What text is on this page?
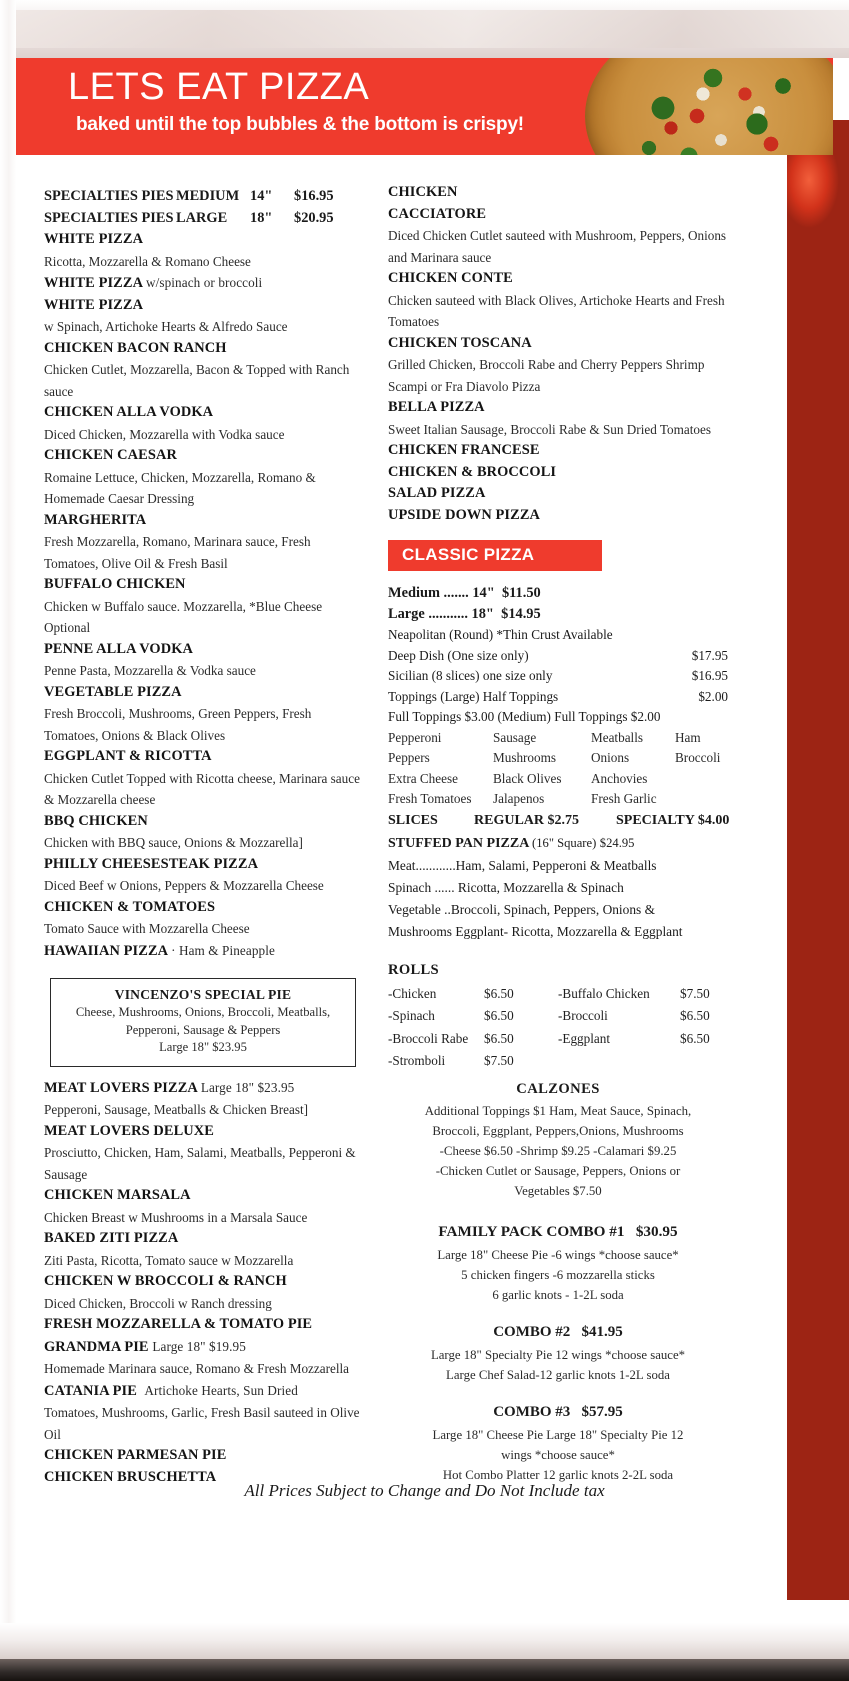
LETS EAT PIZZA
baked until the top bubbles & the bottom is crispy!
SPECIALTIES PIES MEDIUM 14"	$16.95
SPECIALTIES PIES LARGE	18"	$20.95
WHITE PIZZA
Ricotta, Mozzarella & Romano Cheese
WHITE PIZZA w/spinach or broccoli
WHITE PIZZA
w Spinach, Artichoke Hearts & Alfredo Sauce
CHICKEN BACON RANCH
Chicken Cutlet, Mozzarella, Bacon & Topped with Ranch sauce
CHICKEN ALLA VODKA
Diced Chicken, Mozzarella with Vodka sauce
CHICKEN CAESAR
Romaine Lettuce, Chicken, Mozzarella, Romano & Homemade Caesar Dressing
MARGHERITA
Fresh Mozzarella, Romano, Marinara sauce, Fresh Tomatoes, Olive Oil & Fresh Basil
BUFFALO CHICKEN
Chicken w Buffalo sauce. Mozzarella, *Blue Cheese Optional
PENNE ALLA VODKA
Penne Pasta, Mozzarella & Vodka sauce
VEGETABLE PIZZA
Fresh Broccoli, Mushrooms, Green Peppers, Fresh Tomatoes, Onions & Black Olives
EGGPLANT & RICOTTA
Chicken Cutlet Topped with Ricotta cheese, Marinara sauce & Mozzarella cheese
BBQ CHICKEN
Chicken with BBQ sauce, Onions & Mozzarella]
PHILLY CHEESESTEAK PIZZA
Diced Beef w Onions, Peppers & Mozzarella Cheese
CHICKEN & TOMATOES
Tomato Sauce with Mozzarella Cheese
HAWAIIAN PIZZA · Ham & Pineapple
VINCENZO'S SPECIAL PIE
Cheese, Mushrooms, Onions, Broccoli, Meatballs,
Pepperoni, Sausage & Peppers
Large 18" $23.95
MEAT LOVERS PIZZA Large 18" $23.95
Pepperoni, Sausage, Meatballs & Chicken Breast]
MEAT LOVERS DELUXE
Prosciutto, Chicken, Ham, Salami, Meatballs, Pepperoni & Sausage
CHICKEN MARSALA
Chicken Breast w Mushrooms in a Marsala Sauce
BAKED ZITI PIZZA
Ziti Pasta, Ricotta, Tomato sauce w Mozzarella
CHICKEN W BROCCOLI & RANCH
Diced Chicken, Broccoli w Ranch dressing
FRESH MOZZARELLA & TOMATO PIE
GRANDMA PIE Large 18" $19.95
Homemade Marinara sauce, Romano & Fresh Mozzarella
CATANIA PIE Artichoke Hearts, Sun Dried
Tomatoes, Mushrooms, Garlic, Fresh Basil sauteed in Olive Oil
CHICKEN PARMESAN PIE
CHICKEN BRUSCHETTA
CHICKEN
CACCIATORE
Diced Chicken Cutlet sauteed with Mushroom, Peppers, Onions and Marinara sauce
CHICKEN CONTE
Chicken sauteed with Black Olives, Artichoke Hearts and Fresh Tomatoes
CHICKEN TOSCANA
Grilled Chicken, Broccoli Rabe and Cherry Peppers Shrimp Scampi or Fra Diavolo Pizza
BELLA PIZZA
Sweet Italian Sausage, Broccoli Rabe & Sun Dried Tomatoes
CHICKEN FRANCESE
CHICKEN & BROCCOLI
SALAD PIZZA
UPSIDE DOWN PIZZA
CLASSIC PIZZA
Medium ....... 14" $11.50
Large ........... 18" $14.95
Neapolitan (Round) *Thin Crust Available
Deep Dish (One size only)	$17.95
Sicilian (8 slices) one size only	$16.95
Toppings (Large) Half Toppings	$2.00
Full Toppings $3.00 (Medium) Full Toppings $2.00
Pepperoni	Sausage	Meatballs	Ham
Peppers	Mushrooms	Onions	Broccoli
Extra Cheese	Black Olives	Anchovies
Fresh Tomatoes	Jalapenos	Fresh Garlic
SLICES	REGULAR $2.75	SPECIALTY $4.00
STUFFED PAN PIZZA (16" Square) $24.95
Meat............Ham, Salami, Pepperoni & Meatballs
Spinach ...... Ricotta, Mozzarella & Spinach
Vegetable ..Broccoli, Spinach, Peppers, Onions &
Mushrooms Eggplant- Ricotta, Mozzarella & Eggplant
ROLLS
-Chicken	$6.50	-Buffalo Chicken	$7.50
-Spinach	$6.50	-Broccoli	$6.50
-Broccoli Rabe	$6.50	-Eggplant	$6.50
-Stromboli	$7.50
CALZONES
Additional Toppings $1 Ham, Meat Sauce, Spinach,
Broccoli, Eggplant, Peppers,Onions, Mushrooms
-Cheese $6.50 -Shrimp $9.25 -Calamari $9.25
-Chicken Cutlet or Sausage, Peppers, Onions or
Vegetables $7.50
FAMILY PACK COMBO #1 $30.95
Large 18" Cheese Pie -6 wings *choose sauce*
5 chicken fingers -6 mozzarella sticks
6 garlic knots - 1-2L soda
COMBO #2 $41.95
Large 18" Specialty Pie 12 wings *choose sauce*
Large Chef Salad-12 garlic knots 1-2L soda
COMBO #3 $57.95
Large 18" Cheese Pie Large 18" Specialty Pie 12
wings *choose sauce*
Hot Combo Platter 12 garlic knots 2-2L soda
All Prices Subject to Change and Do Not Include tax
